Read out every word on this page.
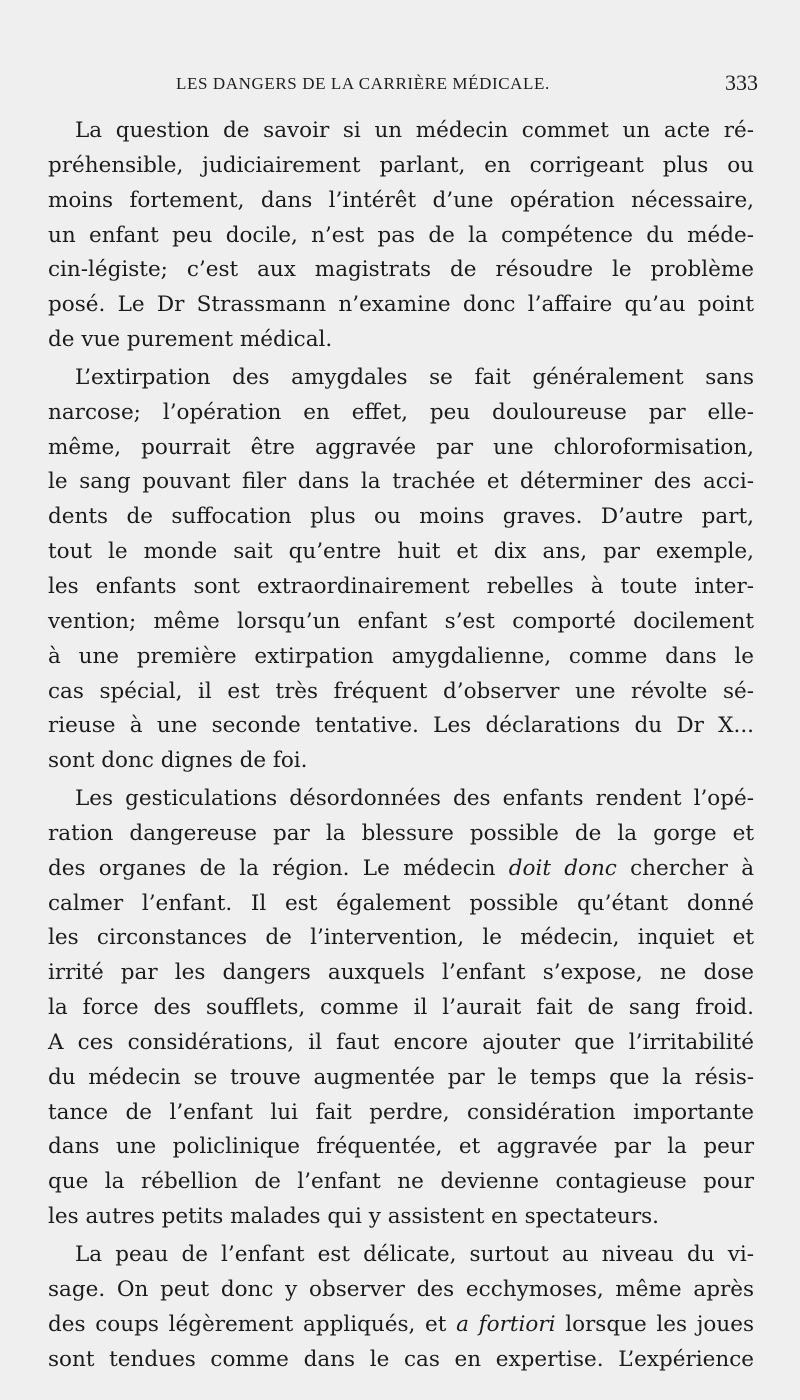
LES DANGERS DE LA CARRIÈRE MÉDICALE.	333
La question de savoir si un médecin commet un acte ré-
préhensible, judiciairement parlant, en corrigeant plus ou
moins fortement, dans l’intérêt d’une opération nécessaire,
un enfant peu docile, n’est pas de la compétence du méde-
cin-légiste; c’est aux magistrats de résoudre le problème
posé. Le Dr Strassmann n’examine donc l’affaire qu’au point
de vue purement médical.
L’extirpation des amygdales se fait généralement sans
narcose; l’opération en effet, peu douloureuse par elle-
même, pourrait être aggravée par une chloroformisation,
le sang pouvant filer dans la trachée et déterminer des acci-
dents de suffocation plus ou moins graves. D’autre part,
tout le monde sait qu’entre huit et dix ans, par exemple,
les enfants sont extraordinairement rebelles à toute inter-
vention; même lorsqu’un enfant s’est comporté docilement
à une première extirpation amygdalienne, comme dans le
cas spécial, il est très fréquent d’observer une révolte sé-
rieuse à une seconde tentative. Les déclarations du Dr X...
sont donc dignes de foi.
Les gesticulations désordonnées des enfants rendent l’opé-
ration dangereuse par la blessure possible de la gorge et
des organes de la région. Le médecin doit donc chercher à
calmer l’enfant. Il est également possible qu’étant donné
les circonstances de l’intervention, le médecin, inquiet et
irrité par les dangers auxquels l’enfant s’expose, ne dose
la force des soufflets, comme il l’aurait fait de sang froid.
A ces considérations, il faut encore ajouter que l’irritabilité
du médecin se trouve augmentée par le temps que la résis-
tance de l’enfant lui fait perdre, considération importante
dans une policlinique fréquentée, et aggravée par la peur
que la rébellion de l’enfant ne devienne contagieuse pour
les autres petits malades qui y assistent en spectateurs.
La peau de l’enfant est délicate, surtout au niveau du vi-
sage. On peut donc y observer des ecchymoses, même après
des coups légèrement appliqués, et a fortiori lorsque les joues
sont tendues comme dans le cas en expertise. L’expérience
